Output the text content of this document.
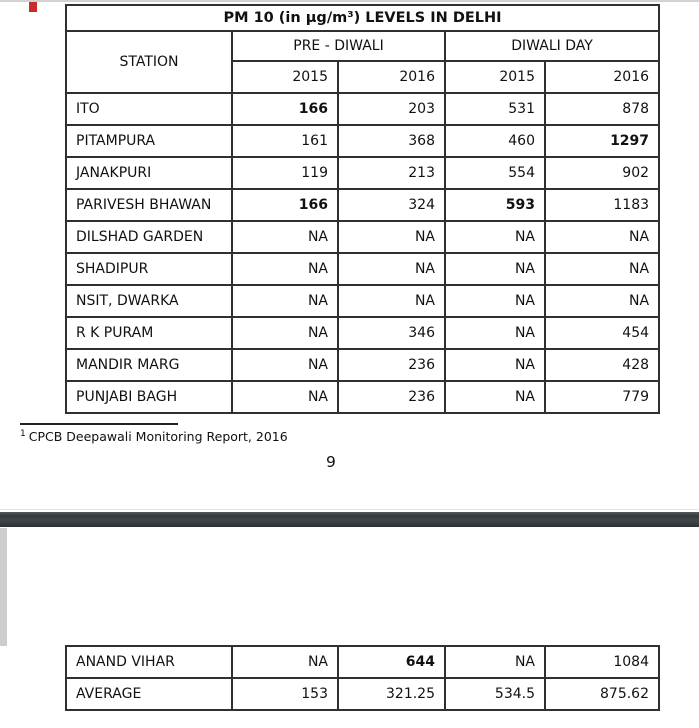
PM 10 (in µg/m³) LEVELS IN DELHI				
STATION	PRE - DIWALI		DIWALI DAY	
	2015	2016	2015	2016
ITO	166	203	531	878
PITAMPURA	161	368	460	1297
JANAKPURI	119	213	554	902
PARIVESH BHAWAN	166	324	593	1183
DILSHAD GARDEN	NA	NA	NA	NA
SHADIPUR	NA	NA	NA	NA
NSIT, DWARKA	NA	NA	NA	NA
R K PURAM	NA	346	NA	454
MANDIR MARG	NA	236	NA	428
PUNJABI BAGH	NA	236	NA	779
$^1$ CPCB Deepawali Monitoring Report, 2016
9
ANAND VIHAR	NA	644	NA	1084
AVERAGE	153	321.25	534.5	875.62
